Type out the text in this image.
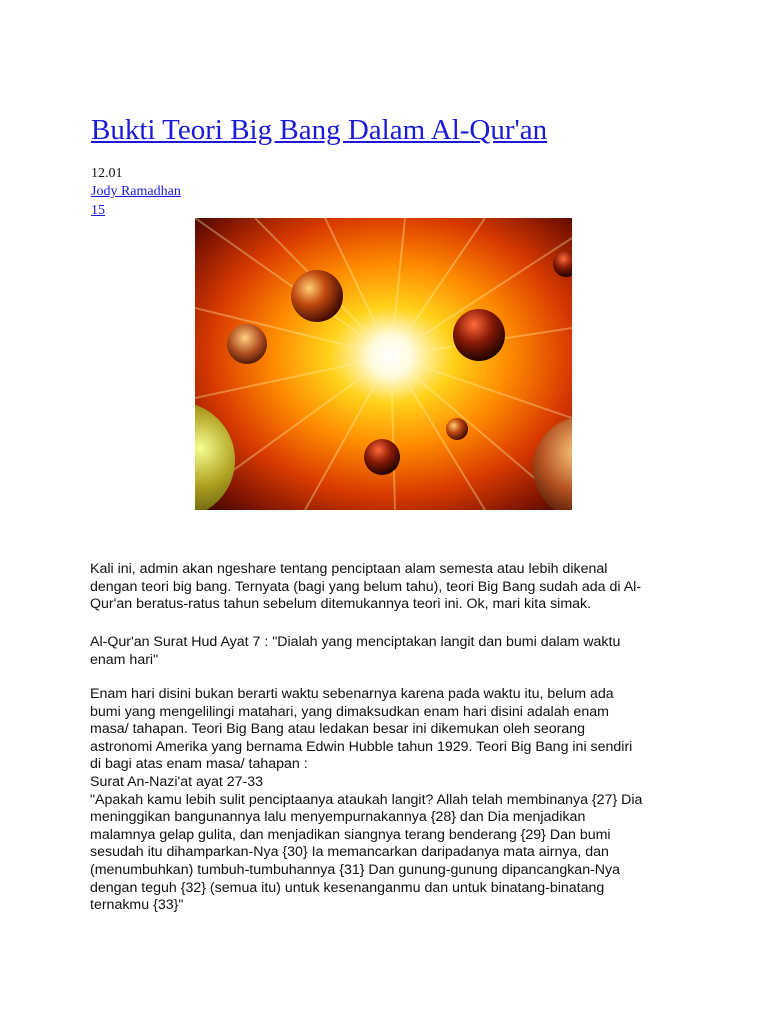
Bukti Teori Big Bang Dalam Al-Qur'an
12.01
Jody Ramadhan
15

Kali ini, admin akan ngeshare tentang penciptaan alam semesta atau lebih dikenal
dengan teori big bang. Ternyata (bagi yang belum tahu), teori Big Bang sudah ada di Al-
Qur'an beratus-ratus tahun sebelum ditemukannya teori ini. Ok, mari kita simak.

Al-Qur'an Surat Hud Ayat 7 : "Dialah yang menciptakan langit dan bumi dalam waktu
enam hari"

Enam hari disini bukan berarti waktu sebenarnya karena pada waktu itu, belum ada
bumi yang mengelilingi matahari, yang dimaksudkan enam hari disini adalah enam
masa/ tahapan. Teori Big Bang atau ledakan besar ini dikemukan oleh seorang
astronomi Amerika yang bernama Edwin Hubble tahun 1929. Teori Big Bang ini sendiri
di bagi atas enam masa/ tahapan :
Surat An-Nazi'at ayat 27-33
"Apakah kamu lebih sulit penciptaanya ataukah langit? Allah telah membinanya {27} Dia
meninggikan bangunannya lalu menyempurnakannya {28} dan Dia menjadikan
malamnya gelap gulita, dan menjadikan siangnya terang benderang {29} Dan bumi
sesudah itu dihamparkan-Nya {30} Ia memancarkan daripadanya mata airnya, dan
(menumbuhkan) tumbuh-tumbuhannya {31} Dan gunung-gunung dipancangkan-Nya
dengan teguh {32} (semua itu) untuk kesenanganmu dan untuk binatang-binatang
ternakmu {33}"
